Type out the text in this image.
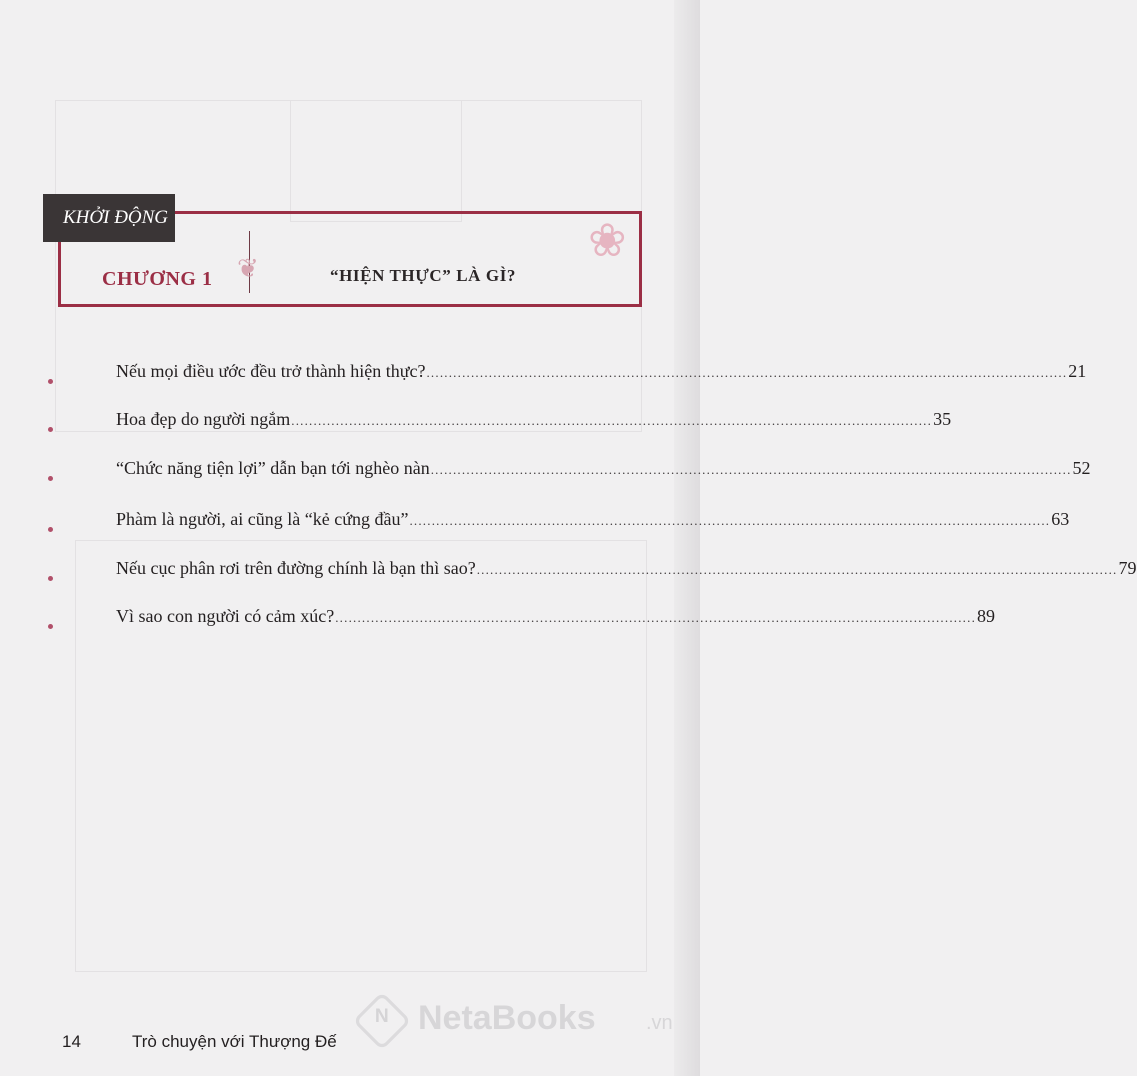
❦
KHỞI ĐỘNG
CHƯƠNG 1	“HIỆN THỰC” LÀ GÌ?
❀
Nếu mọi điều ước đều trở thành hiện thực? ................................................................................................................................................ 21
Hoa đẹp do người ngắm ................................................................................................................................................ 35
“Chức năng tiện lợi” dẫn bạn tới nghèo nàn ................................................................................................................................................ 52
Phàm là người, ai cũng là “kẻ cứng đầu” ................................................................................................................................................ 63
Nếu cục phân rơi trên đường chính là bạn thì sao? ................................................................................................................................................ 79
Vì sao con người có cảm xúc? ................................................................................................................................................ 89
14	Trò chuyện với Thượng Đế
N NetaBooks	.vn
